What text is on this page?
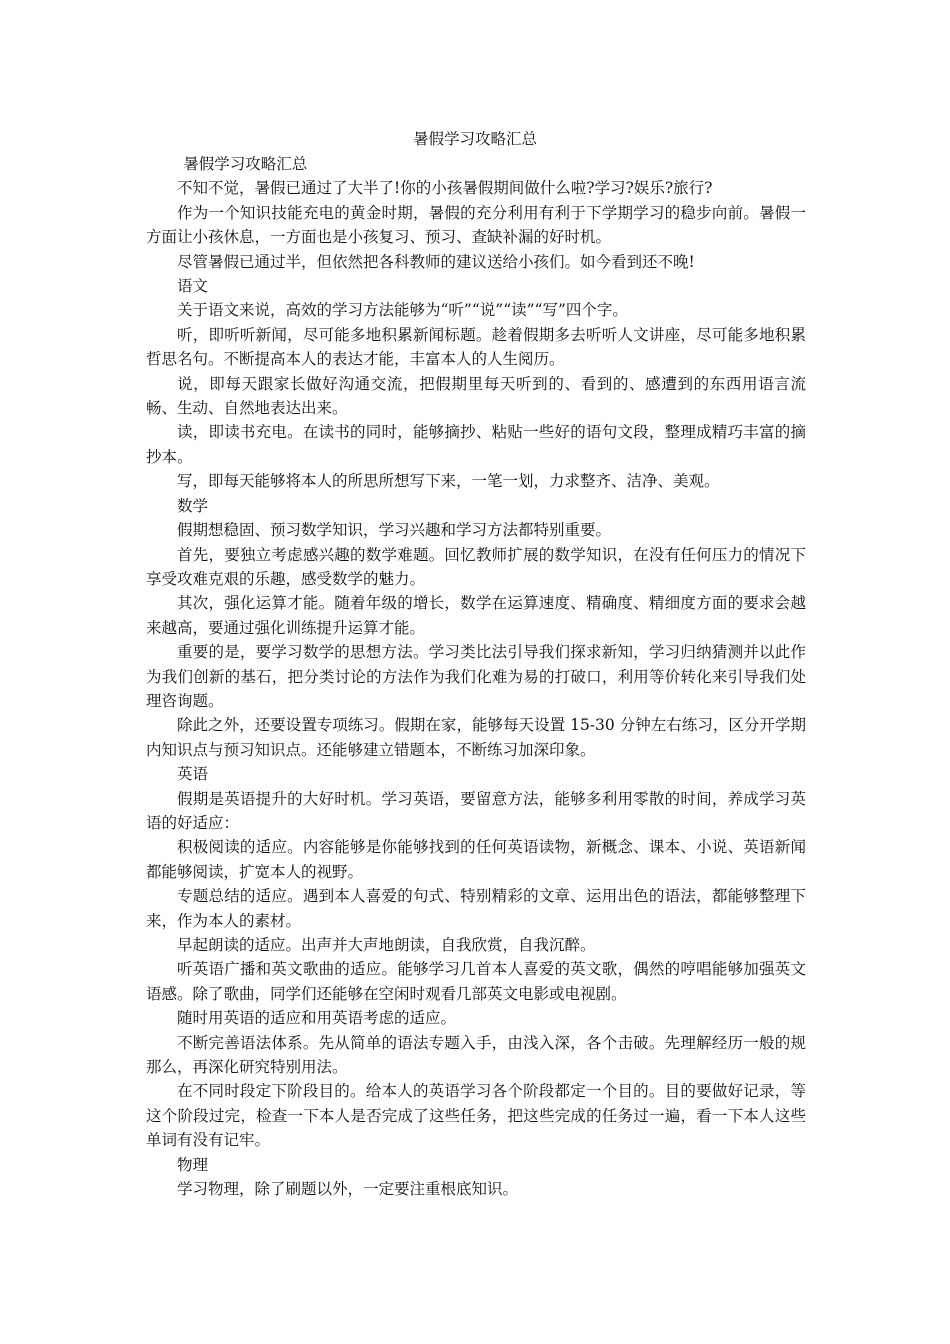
暑假学习攻略汇总

暑假学习攻略汇总

不知不觉，暑假已通过了大半了!你的小孩暑假期间做什么啦?学习?娱乐?旅行?

作为一个知识技能充电的黄金时期，暑假的充分利用有利于下学期学习的稳步向前。暑假一方面让小孩休息，一方面也是小孩复习、预习、查缺补漏的好时机。

尽管暑假已通过半，但依然把各科教师的建议送给小孩们。如今看到还不晚!

语文

关于语文来说，高效的学习方法能够为“听”“说”“读”“写”四个字。

听，即听听新闻，尽可能多地积累新闻标题。趁着假期多去听听人文讲座，尽可能多地积累哲思名句。不断提高本人的表达才能，丰富本人的人生阅历。

说，即每天跟家长做好沟通交流，把假期里每天听到的、看到的、感遭到的东西用语言流畅、生动、自然地表达出来。

读，即读书充电。在读书的同时，能够摘抄、粘贴一些好的语句文段，整理成精巧丰富的摘抄本。

写，即每天能够将本人的所思所想写下来，一笔一划，力求整齐、洁净、美观。

数学

假期想稳固、预习数学知识，学习兴趣和学习方法都特别重要。

首先，要独立考虑感兴趣的数学难题。回忆教师扩展的数学知识，在没有任何压力的情况下享受攻难克艰的乐趣，感受数学的魅力。

其次，强化运算才能。随着年级的增长，数学在运算速度、精确度、精细度方面的要求会越来越高，要通过强化训练提升运算才能。

重要的是，要学习数学的思想方法。学习类比法引导我们探求新知，学习归纳猜测并以此作为我们创新的基石，把分类讨论的方法作为我们化难为易的打破口，利用等价转化来引导我们处理咨询题。

除此之外，还要设置专项练习。假期在家，能够每天设置 15-30 分钟左右练习，区分开学期内知识点与预习知识点。还能够建立错题本，不断练习加深印象。

英语

假期是英语提升的大好时机。学习英语，要留意方法，能够多利用零散的时间，养成学习英语的好适应：

积极阅读的适应。内容能够是你能够找到的任何英语读物，新概念、课本、小说、英语新闻都能够阅读，扩宽本人的视野。

专题总结的适应。遇到本人喜爱的句式、特别精彩的文章、运用出色的语法，都能够整理下来，作为本人的素材。

早起朗读的适应。出声并大声地朗读，自我欣赏，自我沉醉。

听英语广播和英文歌曲的适应。能够学习几首本人喜爱的英文歌，偶然的哼唱能够加强英文语感。除了歌曲，同学们还能够在空闲时观看几部英文电影或电视剧。

随时用英语的适应和用英语考虑的适应。

不断完善语法体系。先从简单的语法专题入手，由浅入深，各个击破。先理解经历一般的规那么，再深化研究特别用法。

在不同时段定下阶段目的。给本人的英语学习各个阶段都定一个目的。目的要做好记录，等这个阶段过完，检查一下本人是否完成了这些任务，把这些完成的任务过一遍，看一下本人这些单词有没有记牢。

物理

学习物理，除了刷题以外，一定要注重根底知识。
